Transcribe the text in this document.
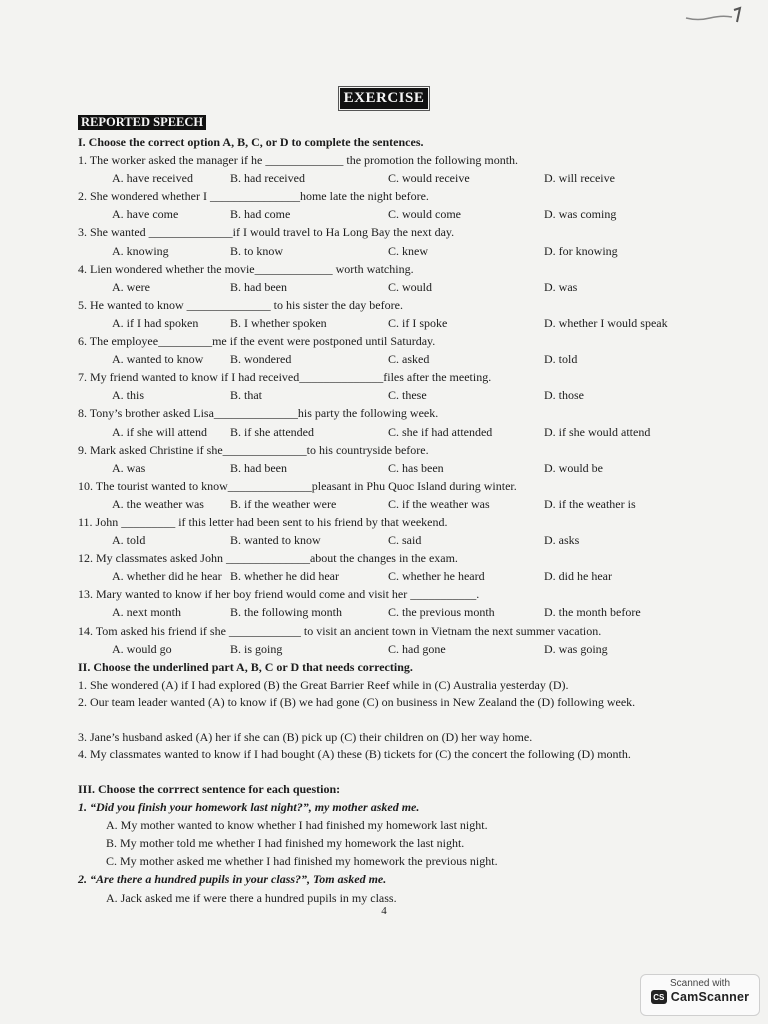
EXERCISE
REPORTED SPEECH
I. Choose the correct option A, B, C, or D to complete the sentences.
1. The worker asked the manager if he _____________ the promotion the following month.
A. have received	B. had received	C. would receive	D. will receive
2. She wondered whether I _______________home late the night before.
A. have come	B. had come	C. would come	D. was coming
3. She wanted ______________if I would travel to Ha Long Bay the next day.
A. knowing	B. to know	C. knew	D. for knowing
4. Lien wondered whether the movie_____________ worth watching.
A. were	B. had been	C. would	D. was
5. He wanted to know ______________ to his sister the day before.
A. if I had spoken	B. I whether spoken	C. if I spoke	D. whether I would speak
6. The employee_________me if the event were postponed until Saturday.
A. wanted to know	B. wondered	C. asked	D. told
7. My friend wanted to know if I had received______________files after the meeting.
A. this	B. that	C. these	D. those
8. Tony’s brother asked Lisa______________his party the following week.
A. if she will attend	B. if she attended	C. she if had attended	D. if she would attend
9. Mark asked Christine if she______________to his countryside before.
A. was	B. had been	C. has been	D. would be
10. The tourist wanted to know______________pleasant in Phu Quoc Island during winter.
A. the weather was	B. if the weather were	C. if the weather was	D. if the weather is
11. John _________ if this letter had been sent to his friend by that weekend.
A. told	B. wanted to know	C. said	D. asks
12. My classmates asked John ______________about the changes in the exam.
A. whether did he hear B. whether he did hear	C. whether he heard	D. did he hear
13. Mary wanted to know if her boy friend would come and visit her ___________.
A. next month	B. the following month	C. the previous month	D. the month before
14. Tom asked his friend if she ____________ to visit an ancient town in Vietnam the next summer vacation.
A. would go	B. is going	C. had gone	D. was going
II. Choose the underlined part A, B, C or D that needs correcting.
1. She wondered (A) if I had explored (B) the Great Barrier Reef while in (C) Australia yesterday (D).
2. Our team leader wanted (A) to know if (B) we had gone (C) on business in New Zealand the (D) following week.
3. Jane’s husband asked (A) her if she can (B) pick up (C) their children on (D) her way home.
4. My classmates wanted to know if I had bought (A) these (B) tickets for (C) the concert the following (D) month.
III. Choose the corrrect sentence for each question:
1. “Did you finish your homework last night?”, my mother asked me.
A. My mother wanted to know whether I had finished my homework last night.
B. My mother told me whether I had finished my homework the last night.
C. My mother asked me whether I had finished my homework the previous night.
2. “Are there a hundred pupils in your class?”, Tom asked me.
A. Jack asked me if were there a hundred pupils in my class.
4
Scanned with
CS CamScanner
